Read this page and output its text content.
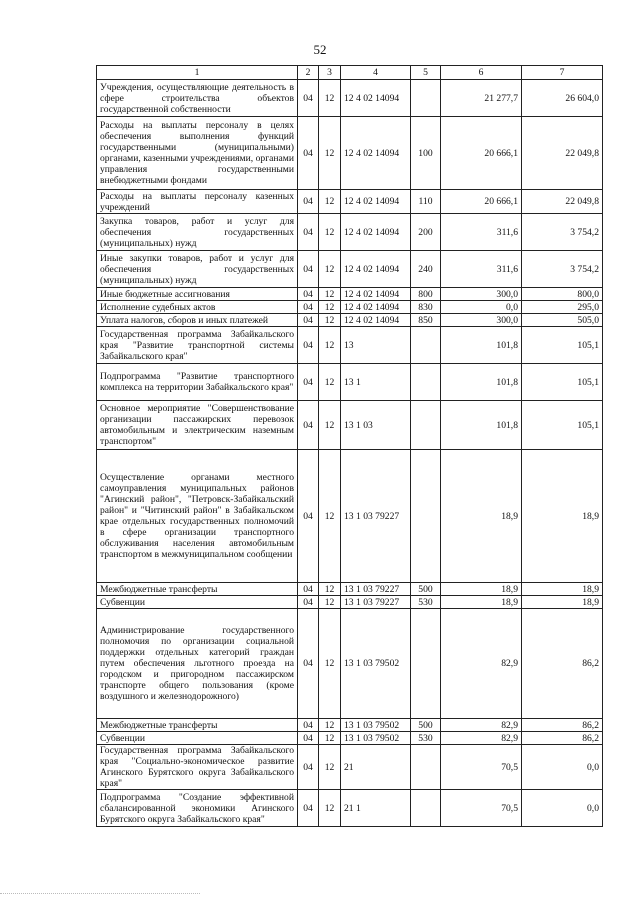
52
1	2	3	4	5	6	7
Учреждения, осуществляющие деятельность в сфере строительства объектов государственной собственности	04	12	12 4 02 14094		21 277,7	26 604,0
Расходы на выплаты персоналу в целях обеспечения выполнения функций государственными (муниципальными) органами, казенными учреждениями, органами управления государственными внебюджетными фондами	04	12	12 4 02 14094	100	20 666,1	22 049,8
Расходы на выплаты персоналу казенных учреждений	04	12	12 4 02 14094	110	20 666,1	22 049,8
Закупка товаров, работ и услуг для обеспечения государственных (муниципальных) нужд	04	12	12 4 02 14094	200	311,6	3 754,2
Иные закупки товаров, работ и услуг для обеспечения государственных (муниципальных) нужд	04	12	12 4 02 14094	240	311,6	3 754,2
Иные бюджетные ассигнования	04	12	12 4 02 14094	800	300,0	800,0
Исполнение судебных актов	04	12	12 4 02 14094	830	0,0	295,0
Уплата налогов, сборов и иных платежей	04	12	12 4 02 14094	850	300,0	505,0
Государственная программа Забайкальского края "Развитие транспортной системы Забайкальского края"	04	12	13		101,8	105,1
Подпрограмма "Развитие транспортного комплекса на территории Забайкальского края"	04	12	13 1		101,8	105,1
Основное мероприятие "Совершенствование организации пассажирских перевозок автомобильным и электрическим наземным транспортом"	04	12	13 1 03		101,8	105,1
Осуществление органами местного самоуправления муниципальных районов "Агинский район", "Петровск-Забайкальский район" и "Читинский район" в Забайкальском крае отдельных государственных полномочий в сфере организации транспортного обслуживания населения автомобильным транспортом в межмуниципальном сообщении	04	12	13 1 03 79227		18,9	18,9
Межбюджетные трансферты	04	12	13 1 03 79227	500	18,9	18,9
Субвенции	04	12	13 1 03 79227	530	18,9	18,9
Администрирование государственного полномочия по организации социальной поддержки отдельных категорий граждан путем обеспечения льготного проезда на городском и пригородном пассажирском транспорте общего пользования (кроме воздушного и железнодорожного)	04	12	13 1 03 79502		82,9	86,2
Межбюджетные трансферты	04	12	13 1 03 79502	500	82,9	86,2
Субвенции	04	12	13 1 03 79502	530	82,9	86,2
Государственная программа Забайкальского края "Социально-экономическое развитие Агинского Бурятского округа Забайкальского края"	04	12	21		70,5	0,0
Подпрограмма "Создание эффективной сбалансированной экономики Агинского Бурятского округа Забайкальского края"	04	12	21 1		70,5	0,0
